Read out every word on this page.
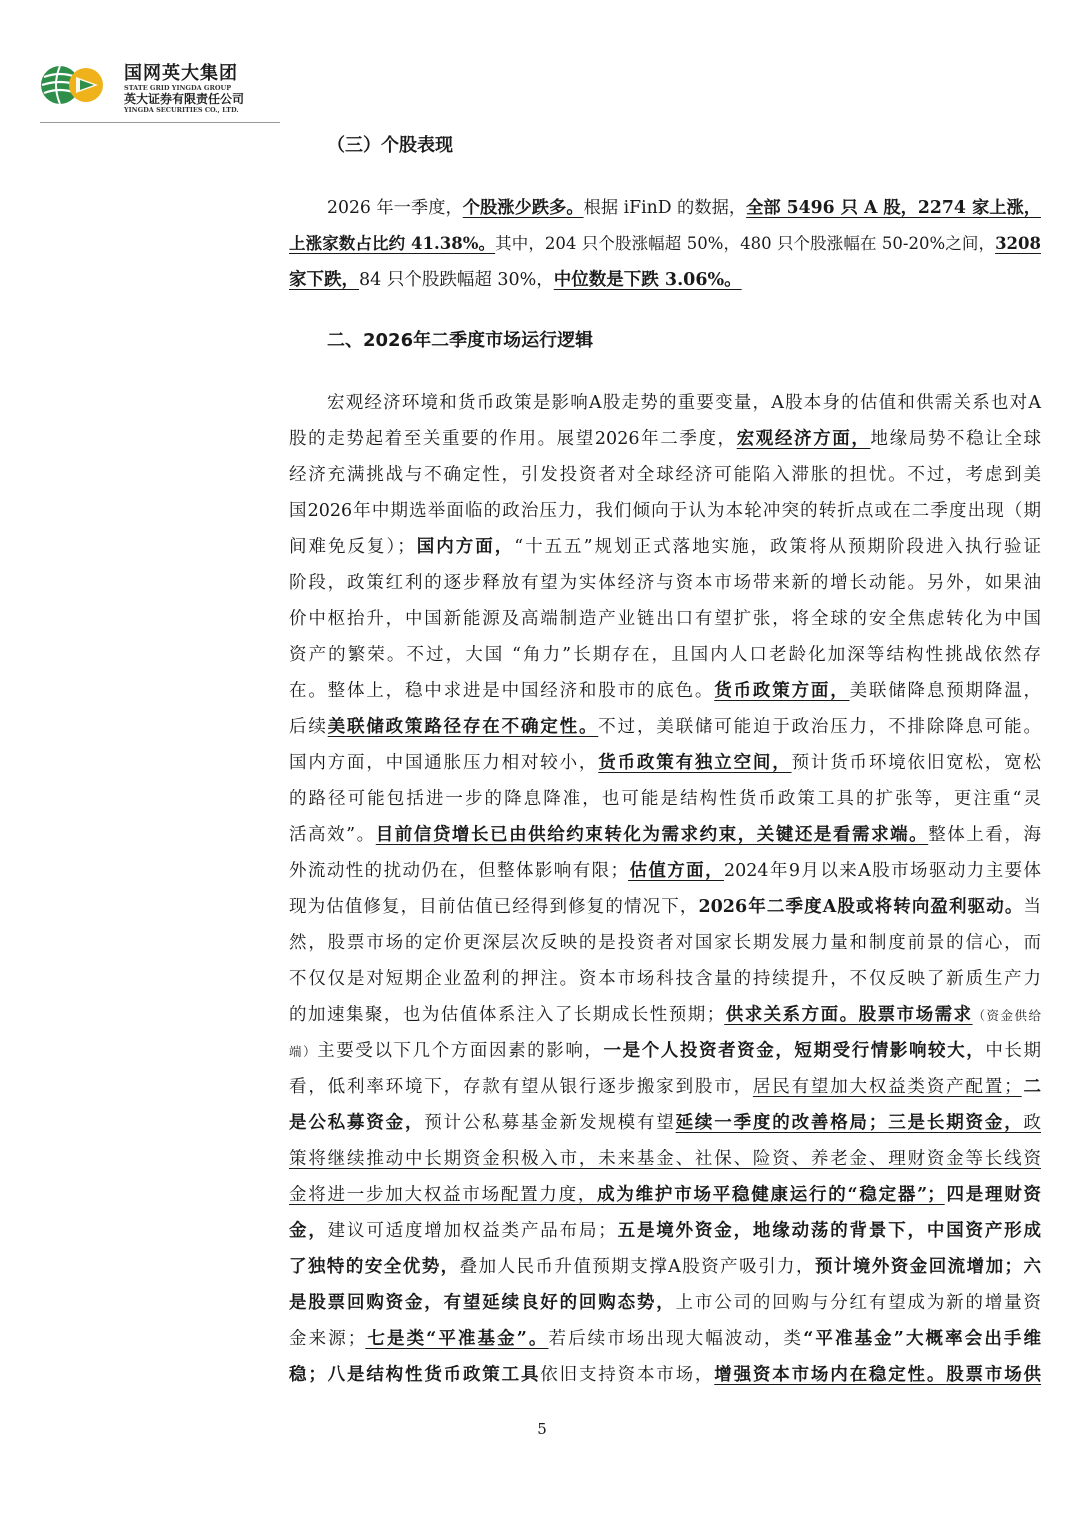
国网英大集团
STATE GRID YINGDA GROUP
英大证券有限责任公司
YINGDA SECURITIES CO., LTD.
（三）个股表现
2026 年一季度，个股涨少跌多。根据 iFinD 的数据，全部 5496 只 A 股，2274 家上涨，
上涨家数占比约 41.38%。其中，204 只个股涨幅超 50%，480 只个股涨幅在 50-20%之间，3208
家下跌，84 只个股跌幅超 30%，中位数是下跌 3.06%。
二、2026年二季度市场运行逻辑
宏观经济环境和货币政策是影响A股走势的重要变量，A股本身的估值和供需关系也对A
股的走势起着至关重要的作用。展望2026年二季度，宏观经济方面，地缘局势不稳让全球
经济充满挑战与不确定性，引发投资者对全球经济可能陷入滞胀的担忧。不过，考虑到美
国2026年中期选举面临的政治压力，我们倾向于认为本轮冲突的转折点或在二季度出现（期
间难免反复）；国内方面，“十五五”规划正式落地实施，政策将从预期阶段进入执行验证
阶段，政策红利的逐步释放有望为实体经济与资本市场带来新的增长动能。另外，如果油
价中枢抬升，中国新能源及高端制造产业链出口有望扩张，将全球的安全焦虑转化为中国
资产的繁荣。不过，大国 “角力”长期存在，且国内人口老龄化加深等结构性挑战依然存
在。整体上，稳中求进是中国经济和股市的底色。货币政策方面，美联储降息预期降温，
后续美联储政策路径存在不确定性。不过，美联储可能迫于政治压力，不排除降息可能。
国内方面，中国通胀压力相对较小，货币政策有独立空间，预计货币环境依旧宽松，宽松
的路径可能包括进一步的降息降准，也可能是结构性货币政策工具的扩张等，更注重“灵
活高效”。目前信贷增长已由供给约束转化为需求约束，关键还是看需求端。整体上看，海
外流动性的扰动仍在，但整体影响有限；估值方面，2024年9月以来A股市场驱动力主要体
现为估值修复，目前估值已经得到修复的情况下，2026年二季度A股或将转向盈利驱动。当
然，股票市场的定价更深层次反映的是投资者对国家长期发展力量和制度前景的信心，而
不仅仅是对短期企业盈利的押注。资本市场科技含量的持续提升，不仅反映了新质生产力
的加速集聚，也为估值体系注入了长期成长性预期；供求关系方面。股票市场需求（资金供给
端）主要受以下几个方面因素的影响，一是个人投资者资金，短期受行情影响较大，中长期
看，低利率环境下，存款有望从银行逐步搬家到股市，居民有望加大权益类资产配置；二
是公私募资金，预计公私募基金新发规模有望延续一季度的改善格局；三是长期资金，政
策将继续推动中长期资金积极入市，未来基金、社保、险资、养老金、理财资金等长线资
金将进一步加大权益市场配置力度，成为维护市场平稳健康运行的“稳定器”；四是理财资
金，建议可适度增加权益类产品布局；五是境外资金，地缘动荡的背景下，中国资产形成
了独特的安全优势，叠加人民币升值预期支撑A股资产吸引力，预计境外资金回流增加；六
是股票回购资金，有望延续良好的回购态势，上市公司的回购与分红有望成为新的增量资
金来源；七是类“平准基金”。若后续市场出现大幅波动，类“平准基金”大概率会出手维
稳；八是结构性货币政策工具依旧支持资本市场，增强资本市场内在稳定性。股票市场供
5
